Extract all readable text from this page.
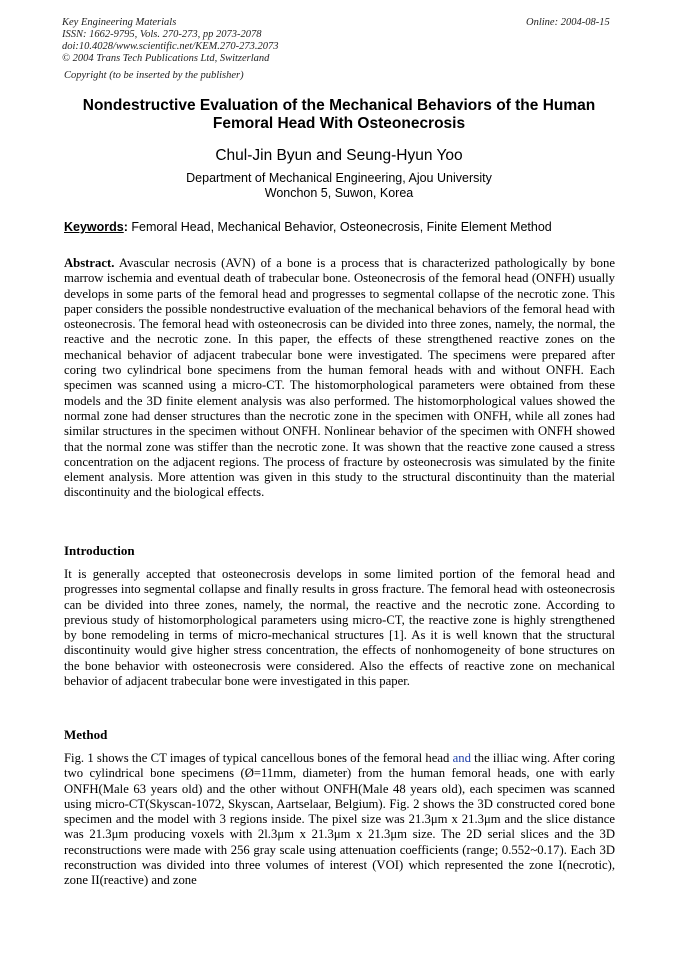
Key Engineering Materials
ISSN: 1662-9795, Vols. 270-273, pp 2073-2078
doi:10.4028/www.scientific.net/KEM.270-273.2073
© 2004 Trans Tech Publications Ltd, Switzerland
Online: 2004-08-15
Copyright (to be inserted by the publisher)
Nondestructive Evaluation of the Mechanical Behaviors of the Human
Femoral Head With Osteonecrosis
Chul-Jin Byun and Seung-Hyun Yoo
Department of Mechanical Engineering, Ajou University
Wonchon 5, Suwon, Korea
Keywords: Femoral Head, Mechanical Behavior, Osteonecrosis, Finite Element Method
Abstract. Avascular necrosis (AVN) of a bone is a process that is characterized pathologically by bone marrow ischemia and eventual death of trabecular bone. Osteonecrosis of the femoral head (ONFH) usually develops in some parts of the femoral head and progresses to segmental collapse of the necrotic zone. This paper considers the possible nondestructive evaluation of the mechanical behaviors of the femoral head with osteonecrosis. The femoral head with osteonecrosis can be divided into three zones, namely, the normal, the reactive and the necrotic zone. In this paper, the effects of these strengthened reactive zones on the mechanical behavior of adjacent trabecular bone were investigated. The specimens were prepared after coring two cylindrical bone specimens from the human femoral heads with and without ONFH. Each specimen was scanned using a micro-CT. The histomorphological parameters were obtained from these models and the 3D finite element analysis was also performed. The histomorphological values showed the normal zone had denser structures than the necrotic zone in the specimen with ONFH, while all zones had similar structures in the specimen without ONFH. Nonlinear behavior of the specimen with ONFH showed that the normal zone was stiffer than the necrotic zone. It was shown that the reactive zone caused a stress concentration on the adjacent regions. The process of fracture by osteonecrosis was simulated by the finite element analysis. More attention was given in this study to the structural discontinuity than the material discontinuity and the biological effects.
Introduction
It is generally accepted that osteonecrosis develops in some limited portion of the femoral head and progresses into segmental collapse and finally results in gross fracture. The femoral head with osteonecrosis can be divided into three zones, namely, the normal, the reactive and the necrotic zone. According to previous study of histomorphological parameters using micro-CT, the reactive zone is highly strengthened by bone remodeling in terms of micro-mechanical structures [1]. As it is well known that the structural discontinuity would give higher stress concentration, the effects of nonhomogeneity of bone structures on the bone behavior with osteonecrosis were considered. Also the effects of reactive zone on mechanical behavior of adjacent trabecular bone were investigated in this paper.
Method
Fig. 1 shows the CT images of typical cancellous bones of the femoral head and the illiac wing. After coring two cylindrical bone specimens (Ø=11mm, diameter) from the human femoral heads, one with early ONFH(Male 63 years old) and the other without ONFH(Male 48 years old), each specimen was scanned using micro-CT(Skyscan-1072, Skyscan, Aartselaar, Belgium). Fig. 2 shows the 3D constructed cored bone specimen and the model with 3 regions inside. The pixel size was 21.3μm x 21.3μm and the slice distance was 21.3μm producing voxels with 2l.3μm x 21.3μm x 21.3μm size. The 2D serial slices and the 3D reconstructions were made with 256 gray scale using attenuation coefficients (range; 0.552~0.17). Each 3D reconstruction was divided into three volumes of interest (VOI) which represented the zone I(necrotic), zone II(reactive) and zone
